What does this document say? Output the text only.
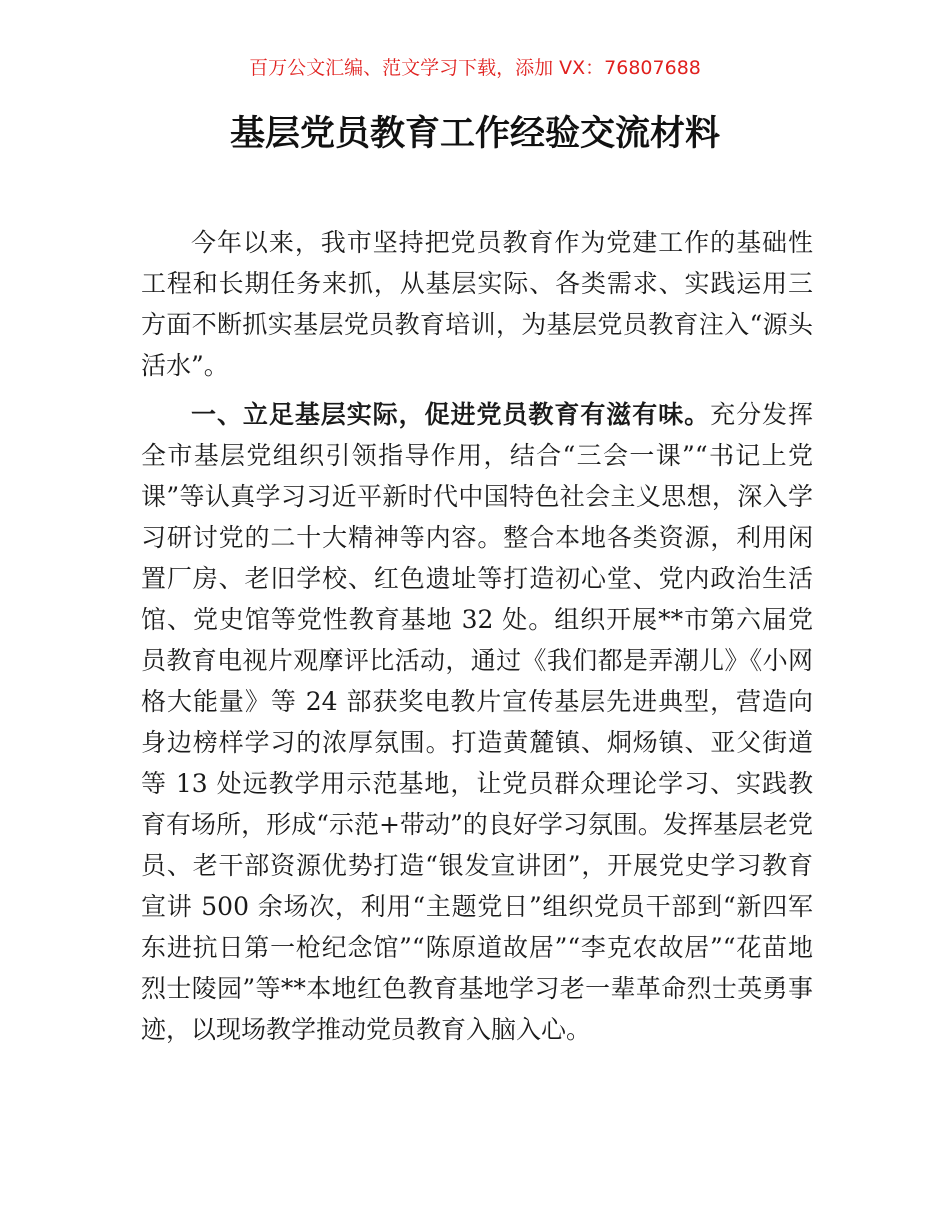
百万公文汇编、范文学习下载，添加 VX：76807688
基层党员教育工作经验交流材料

今年以来，我市坚持把党员教育作为党建工作的基础性工程和长期任务来抓，从基层实际、各类需求、实践运用三方面不断抓实基层党员教育培训，为基层党员教育注入“源头活水”。

一、立足基层实际，促进党员教育有滋有味。充分发挥全市基层党组织引领指导作用，结合“三会一课”“书记上党课”等认真学习习近平新时代中国特色社会主义思想，深入学习研讨党的二十大精神等内容。整合本地各类资源，利用闲置厂房、老旧学校、红色遗址等打造初心堂、党内政治生活馆、党史馆等党性教育基地 32 处。组织开展**市第六届党员教育电视片观摩评比活动，通过《我们都是弄潮儿》《小网格大能量》等 24 部获奖电教片宣传基层先进典型，营造向身边榜样学习的浓厚氛围。打造黄麓镇、烔炀镇、亚父街道等 13 处远教学用示范基地，让党员群众理论学习、实践教育有场所，形成“示范+带动”的良好学习氛围。发挥基层老党员、老干部资源优势打造“银发宣讲团”，开展党史学习教育宣讲 500 余场次，利用“主题党日”组织党员干部到“新四军东进抗日第一枪纪念馆”“陈原道故居”“李克农故居”“花苗地烈士陵园”等**本地红色教育基地学习老一辈革命烈士英勇事迹，以现场教学推动党员教育入脑入心。
